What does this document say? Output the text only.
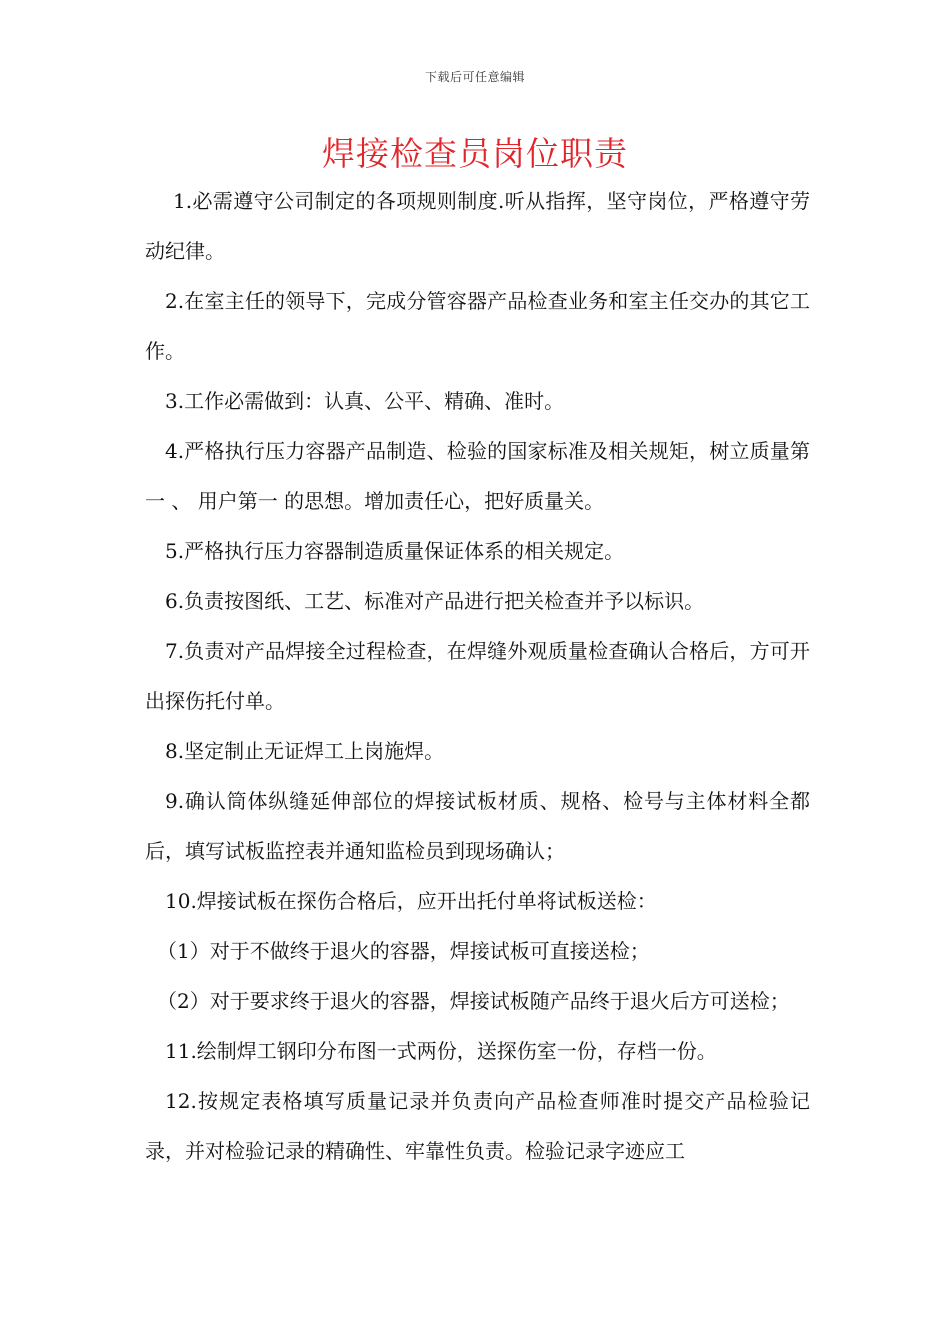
下载后可任意编辑
焊接检查员岗位职责

1.必需遵守公司制定的各项规则制度.听从指挥，坚守岗位，严格遵守劳动纪律。

2.在室主任的领导下，完成分管容器产品检查业务和室主任交办的其它工作。

3.工作必需做到：认真、公平、精确、准时。

4.严格执行压力容器产品制造、检验的国家标准及相关规矩，树立质量第一 、 用户第一 的思想。增加责任心，把好质量关。

5.严格执行压力容器制造质量保证体系的相关规定。

6.负责按图纸、工艺、标准对产品进行把关检查并予以标识。

7.负责对产品焊接全过程检查，在焊缝外观质量检查确认合格后，方可开出探伤托付单。

8.坚定制止无证焊工上岗施焊。

9.确认筒体纵缝延伸部位的焊接试板材质、规格、检号与主体材料全都后，填写试板监控表并通知监检员到现场确认；

10.焊接试板在探伤合格后，应开出托付单将试板送检：

（1）对于不做终于退火的容器，焊接试板可直接送检；

（2）对于要求终于退火的容器，焊接试板随产品终于退火后方可送检；

11.绘制焊工钢印分布图一式两份，送探伤室一份，存档一份。

12.按规定表格填写质量记录并负责向产品检查师准时提交产品检验记录，并对检验记录的精确性、牢靠性负责。检验记录字迹应工
